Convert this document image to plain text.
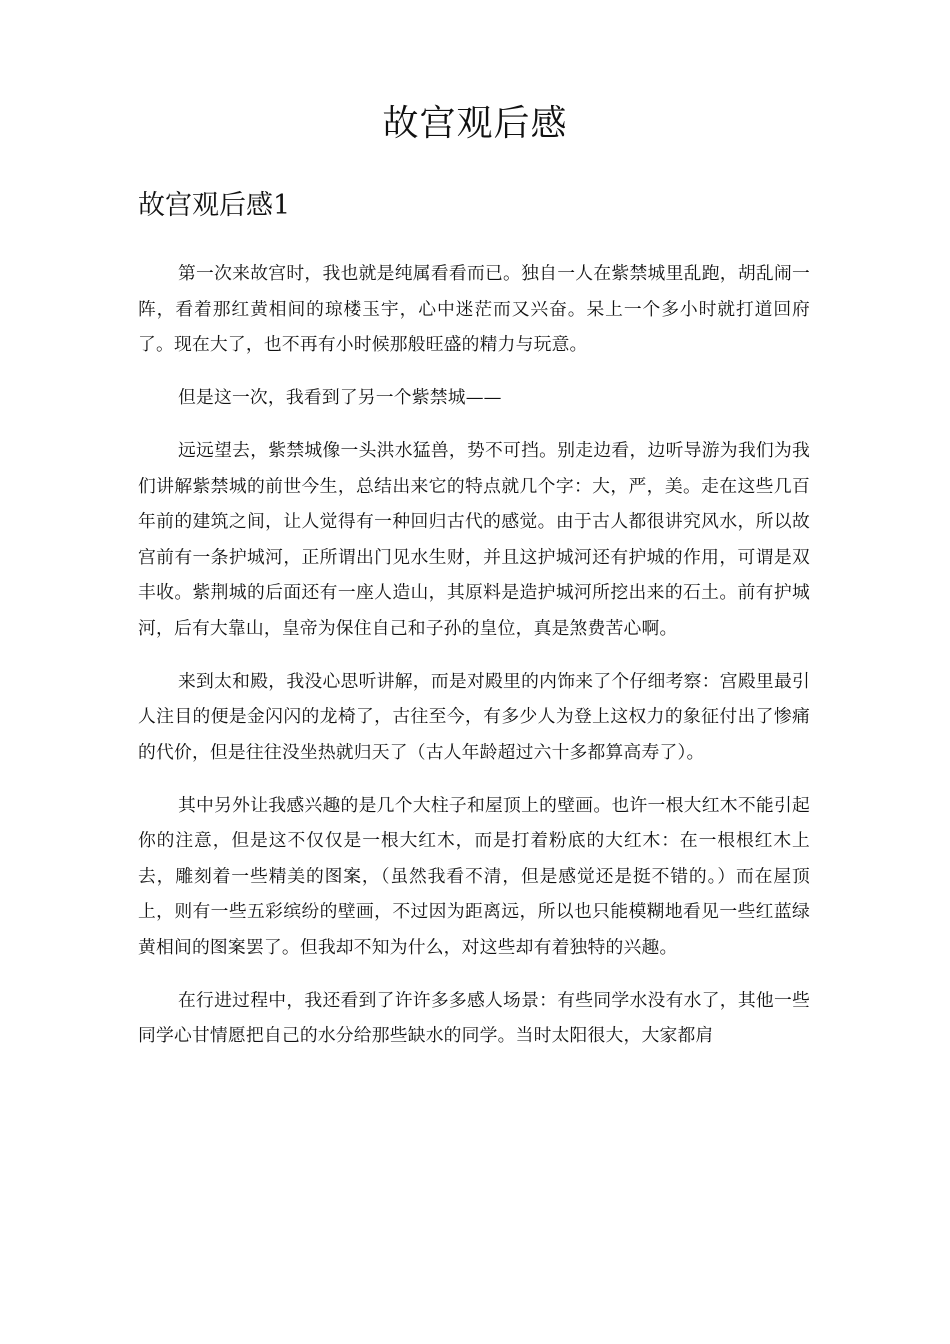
故宫观后感
故宫观后感1

第一次来故宫时，我也就是纯属看看而已。独自一人在紫禁城里乱跑，胡乱闹一阵，看着那红黄相间的琼楼玉宇，心中迷茫而又兴奋。呆上一个多小时就打道回府了。现在大了，也不再有小时候那般旺盛的精力与玩意。

但是这一次，我看到了另一个紫禁城——

远远望去，紫禁城像一头洪水猛兽，势不可挡。别走边看，边听导游为我们为我们讲解紫禁城的前世今生，总结出来它的特点就几个字：大，严，美。走在这些几百年前的建筑之间，让人觉得有一种回归古代的感觉。由于古人都很讲究风水，所以故宫前有一条护城河，正所谓出门见水生财，并且这护城河还有护城的作用，可谓是双丰收。紫荆城的后面还有一座人造山，其原料是造护城河所挖出来的石土。前有护城河，后有大靠山，皇帝为保住自己和子孙的皇位，真是煞费苦心啊。

来到太和殿，我没心思听讲解，而是对殿里的内饰来了个仔细考察：宫殿里最引人注目的便是金闪闪的龙椅了，古往至今，有多少人为登上这权力的象征付出了惨痛的代价，但是往往没坐热就归天了（古人年龄超过六十多都算高寿了）。

其中另外让我感兴趣的是几个大柱子和屋顶上的壁画。也许一根大红木不能引起你的注意，但是这不仅仅是一根大红木，而是打着粉底的大红木：在一根根红木上去，雕刻着一些精美的图案，（虽然我看不清，但是感觉还是挺不错的。）而在屋顶上，则有一些五彩缤纷的壁画，不过因为距离远，所以也只能模糊地看见一些红蓝绿黄相间的图案罢了。但我却不知为什么，对这些却有着独特的兴趣。

在行进过程中，我还看到了许许多多感人场景：有些同学水没有水了，其他一些同学心甘情愿把自己的水分给那些缺水的同学。当时太阳很大，大家都肩
